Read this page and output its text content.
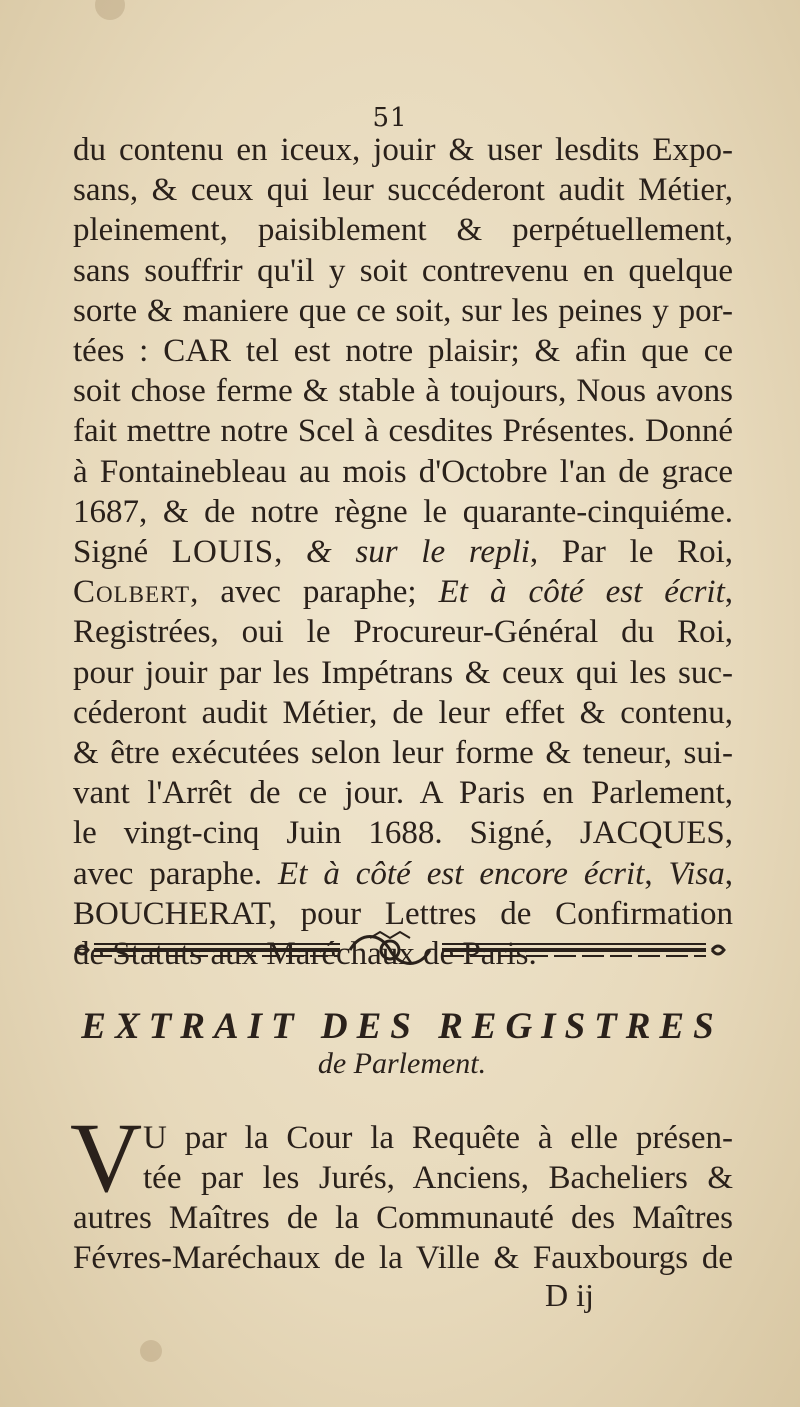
51
du contenu en iceux, jouir & user lesdits Expo-
sans, & ceux qui leur succéderont audit Métier,
pleinement, paisiblement & perpétuellement,
sans souffrir qu'il y soit contrevenu en quelque
sorte & maniere que ce soit, sur les peines y por-
tées : CAR tel est notre plaisir; & afin que ce
soit chose ferme & stable à toujours, Nous avons
fait mettre notre Scel à cesdites Présentes. Donné
à Fontainebleau au mois d'Octobre l'an de grace
1687, & de notre règne le quarante-cinquiéme.
Signé LOUIS, & sur le repli, Par le Roi,
Colbert, avec paraphe; Et à côté est écrit,
Registrées, oui le Procureur-Général du Roi,
pour jouir par les Impétrans & ceux qui les suc-
céderont audit Métier, de leur effet & contenu,
& être exécutées selon leur forme & teneur, sui-
vant l'Arrêt de ce jour. A Paris en Parlement,
le vingt-cinq Juin 1688. Signé, JACQUES,
avec paraphe. Et à côté est encore écrit, Visa,
BOUCHERAT, pour Lettres de Confirmation
de Statuts aux Maréchaux de Paris.
EXTRAIT DES REGISTRES
de Parlement.
V U par la Cour la Requête à elle présen-
tée par les Jurés, Anciens, Bacheliers &
autres Maîtres de la Communauté des Maîtres
Févres-Maréchaux de la Ville & Fauxbourgs de
D ij
